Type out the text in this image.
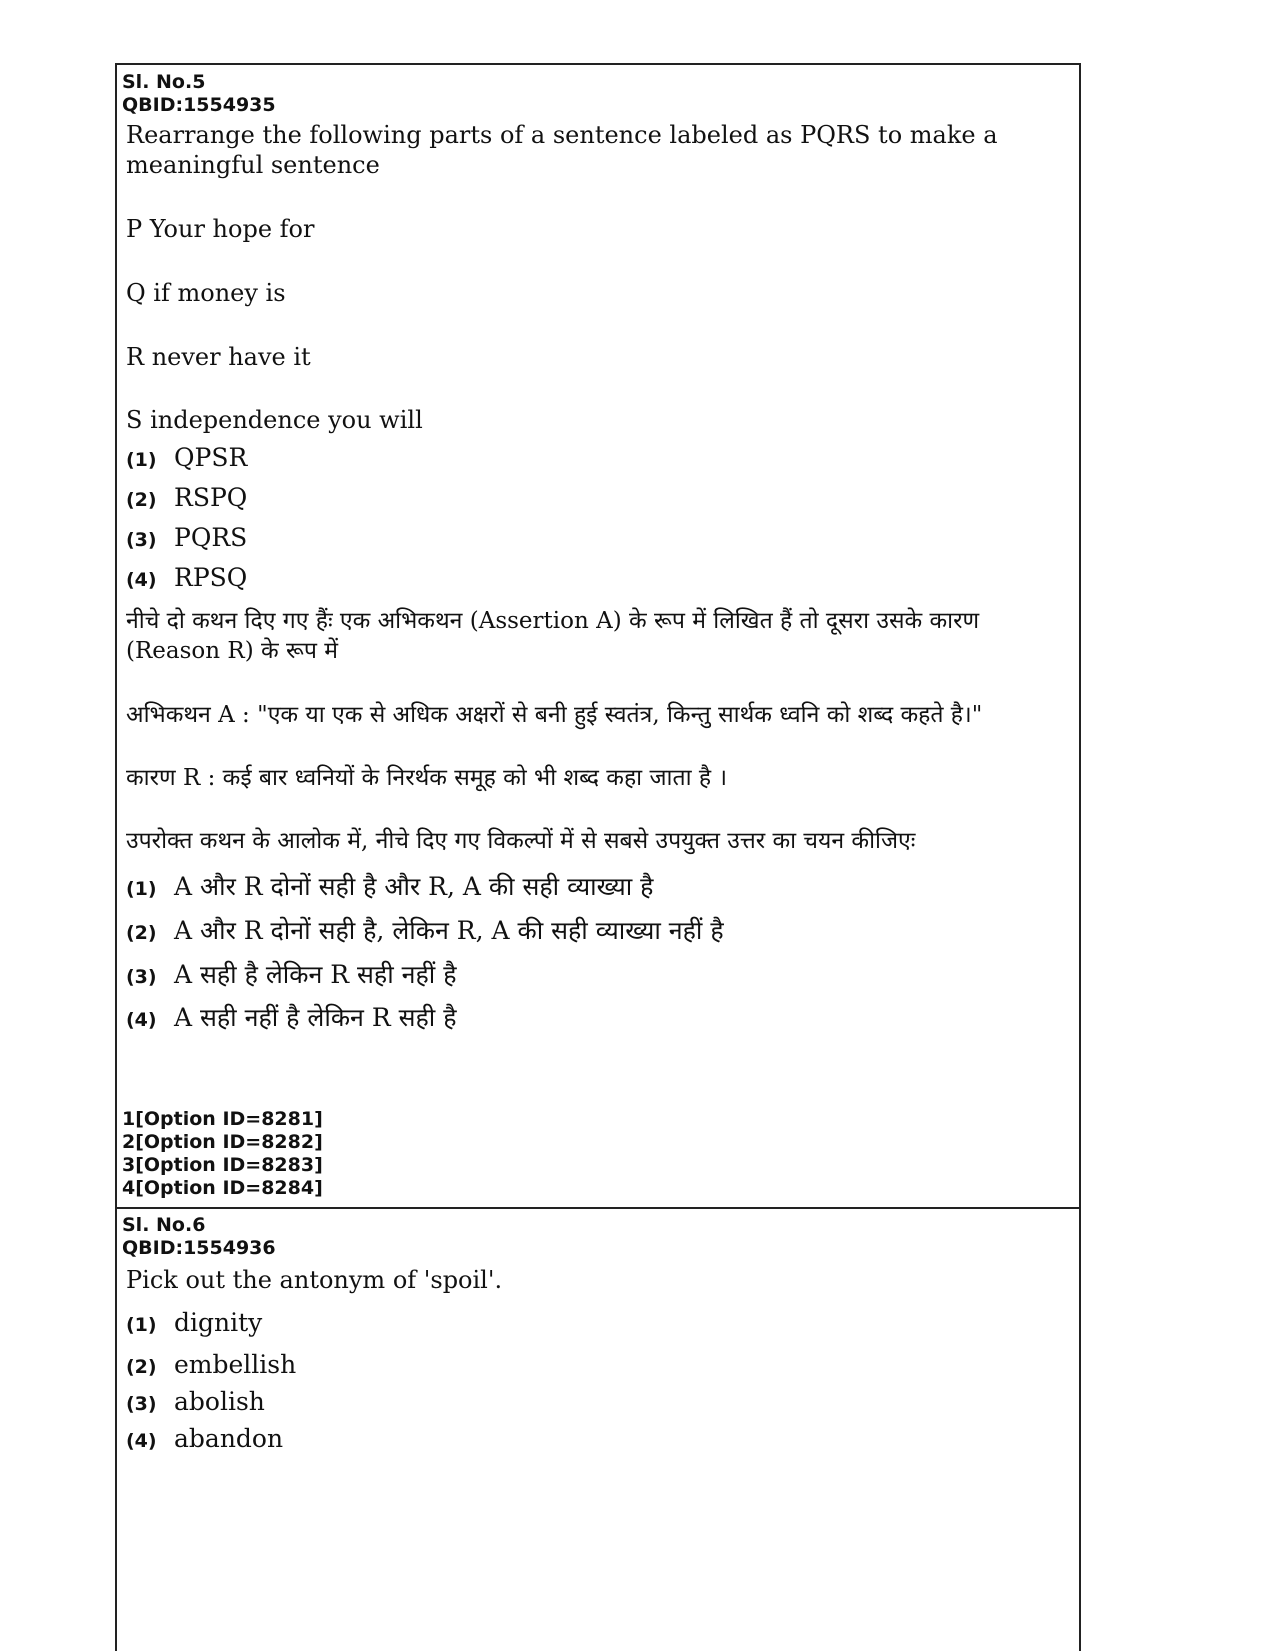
Sl. No.5

QBID:1554935

Rearrange the following parts of a sentence labeled as PQRS to make a

meaningful sentence

P Your hope for

Q if money is

R never have it

S independence you will

(1) QPSR

(2) RSPQ

(3) PQRS

(4) RPSQ

नीचे दो कथन दिए गए हैंः एक अभिकथन (Assertion A) के रूप में लिखित हैं तो दूसरा उसके कारण

(Reason R) के रूप में

अभिकथन A : "एक या एक से अधिक अक्षरों से बनी हुई स्वतंत्र, किन्तु सार्थक ध्वनि को शब्द कहते है।"

कारण R : कई बार ध्वनियों के निरर्थक समूह को भी शब्द कहा जाता है ।

उपरोक्त कथन के आलोक में, नीचे दिए गए विकल्पों में से सबसे उपयुक्त उत्तर का चयन कीजिएः

(1) A और R दोनों सही है और R, A की सही व्याख्या है

(2) A और R दोनों सही है, लेकिन R, A की सही व्याख्या नहीं है

(3) A सही है लेकिन R सही नहीं है

(4) A सही नहीं है लेकिन R सही है

1[Option ID=8281]
2[Option ID=8282]
3[Option ID=8283]
4[Option ID=8284]

Sl. No.6

QBID:1554936

Pick out the antonym of 'spoil'.

(1) dignity

(2) embellish

(3) abolish

(4) abandon
